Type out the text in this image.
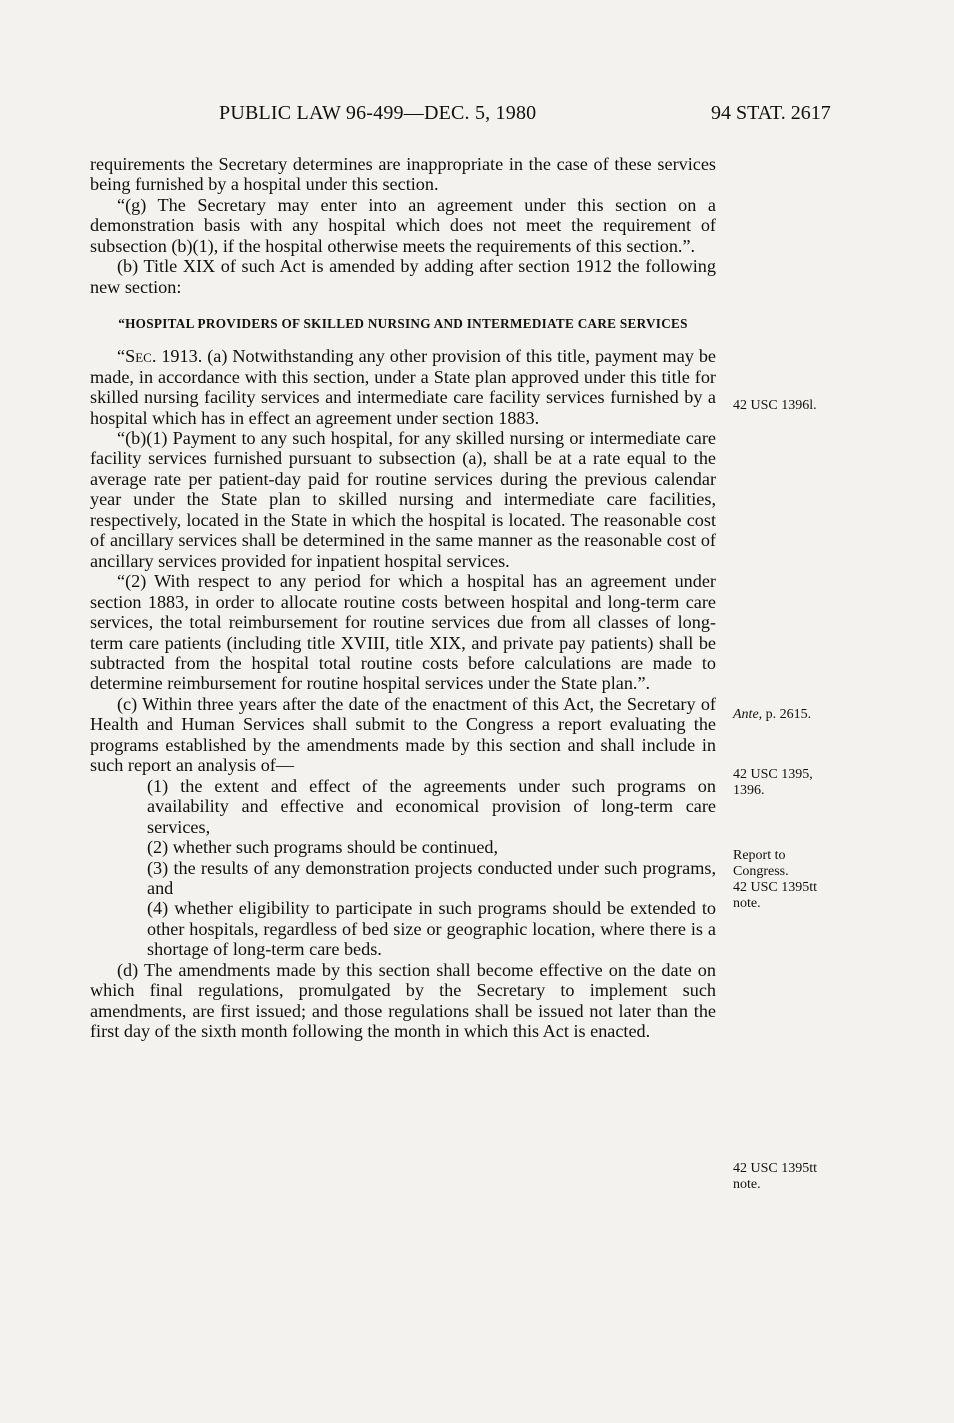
PUBLIC LAW 96-499—DEC. 5, 1980	94 STAT. 2617

requirements the Secretary determines are inappropriate in the case of these services being furnished by a hospital under this section.

“(g) The Secretary may enter into an agreement under this section on a demonstration basis with any hospital which does not meet the requirement of subsection (b)(1), if the hospital otherwise meets the requirements of this section.”.

(b) Title XIX of such Act is amended by adding after section 1912 the following new section:

“HOSPITAL PROVIDERS OF SKILLED NURSING AND INTERMEDIATE CARE SERVICES

“Sec. 1913. (a) Notwithstanding any other provision of this title, payment may be made, in accordance with this section, under a State plan approved under this title for skilled nursing facility services and intermediate care facility services furnished by a hospital which has in effect an agreement under section 1883.

“(b)(1) Payment to any such hospital, for any skilled nursing or intermediate care facility services furnished pursuant to subsection (a), shall be at a rate equal to the average rate per patient-day paid for routine services during the previous calendar year under the State plan to skilled nursing and intermediate care facilities, respectively, located in the State in which the hospital is located. The reasonable cost of ancillary services shall be determined in the same manner as the reasonable cost of ancillary services provided for inpatient hospital services.

“(2) With respect to any period for which a hospital has an agreement under section 1883, in order to allocate routine costs between hospital and long-term care services, the total reimbursement for routine services due from all classes of long-term care patients (including title XVIII, title XIX, and private pay patients) shall be subtracted from the hospital total routine costs before calculations are made to determine reimbursement for routine hospital services under the State plan.”.

(c) Within three years after the date of the enactment of this Act, the Secretary of Health and Human Services shall submit to the Congress a report evaluating the programs established by the amendments made by this section and shall include in such report an analysis of—

(1) the extent and effect of the agreements under such programs on availability and effective and economical provision of long-term care services,

(2) whether such programs should be continued,

(3) the results of any demonstration projects conducted under such programs, and

(4) whether eligibility to participate in such programs should be extended to other hospitals, regardless of bed size or geographic location, where there is a shortage of long-term care beds.

(d) The amendments made by this section shall become effective on the date on which final regulations, promulgated by the Secretary to implement such amendments, are first issued; and those regulations shall be issued not later than the first day of the sixth month following the month in which this Act is enacted.

42 USC 1396l.
Ante, p. 2615.
42 USC 1395,
1396.
Report to
Congress.
42 USC 1395tt
note.
42 USC 1395tt
note.
